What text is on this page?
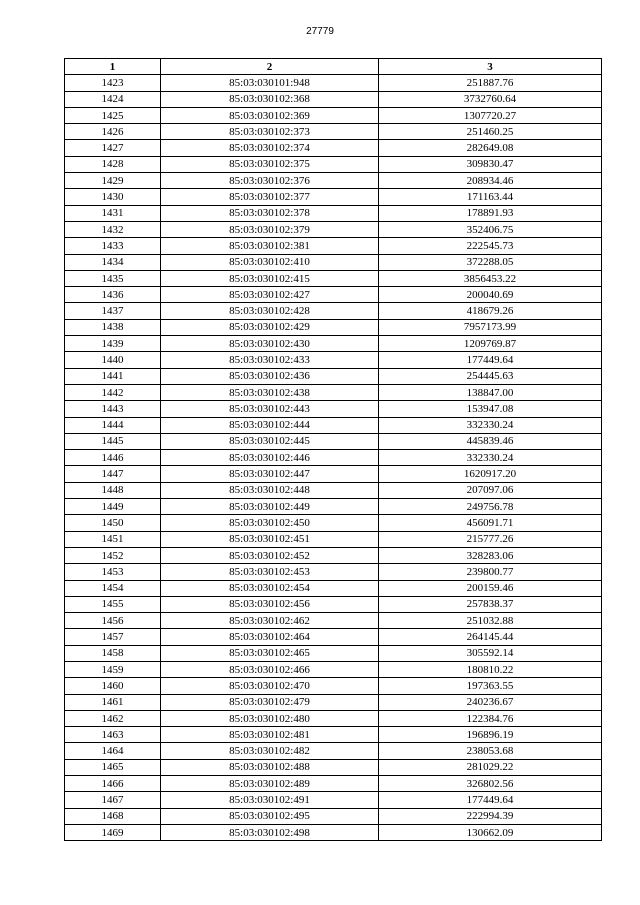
27779
1	2	3
1423	85:03:030101:948	251887.76
1424	85:03:030102:368	3732760.64
1425	85:03:030102:369	1307720.27
1426	85:03:030102:373	251460.25
1427	85:03:030102:374	282649.08
1428	85:03:030102:375	309830.47
1429	85:03:030102:376	208934.46
1430	85:03:030102:377	171163.44
1431	85:03:030102:378	178891.93
1432	85:03:030102:379	352406.75
1433	85:03:030102:381	222545.73
1434	85:03:030102:410	372288.05
1435	85:03:030102:415	3856453.22
1436	85:03:030102:427	200040.69
1437	85:03:030102:428	418679.26
1438	85:03:030102:429	7957173.99
1439	85:03:030102:430	1209769.87
1440	85:03:030102:433	177449.64
1441	85:03:030102:436	254445.63
1442	85:03:030102:438	138847.00
1443	85:03:030102:443	153947.08
1444	85:03:030102:444	332330.24
1445	85:03:030102:445	445839.46
1446	85:03:030102:446	332330.24
1447	85:03:030102:447	1620917.20
1448	85:03:030102:448	207097.06
1449	85:03:030102:449	249756.78
1450	85:03:030102:450	456091.71
1451	85:03:030102:451	215777.26
1452	85:03:030102:452	328283.06
1453	85:03:030102:453	239800.77
1454	85:03:030102:454	200159.46
1455	85:03:030102:456	257838.37
1456	85:03:030102:462	251032.88
1457	85:03:030102:464	264145.44
1458	85:03:030102:465	305592.14
1459	85:03:030102:466	180810.22
1460	85:03:030102:470	197363.55
1461	85:03:030102:479	240236.67
1462	85:03:030102:480	122384.76
1463	85:03:030102:481	196896.19
1464	85:03:030102:482	238053.68
1465	85:03:030102:488	281029.22
1466	85:03:030102:489	326802.56
1467	85:03:030102:491	177449.64
1468	85:03:030102:495	222994.39
1469	85:03:030102:498	130662.09
